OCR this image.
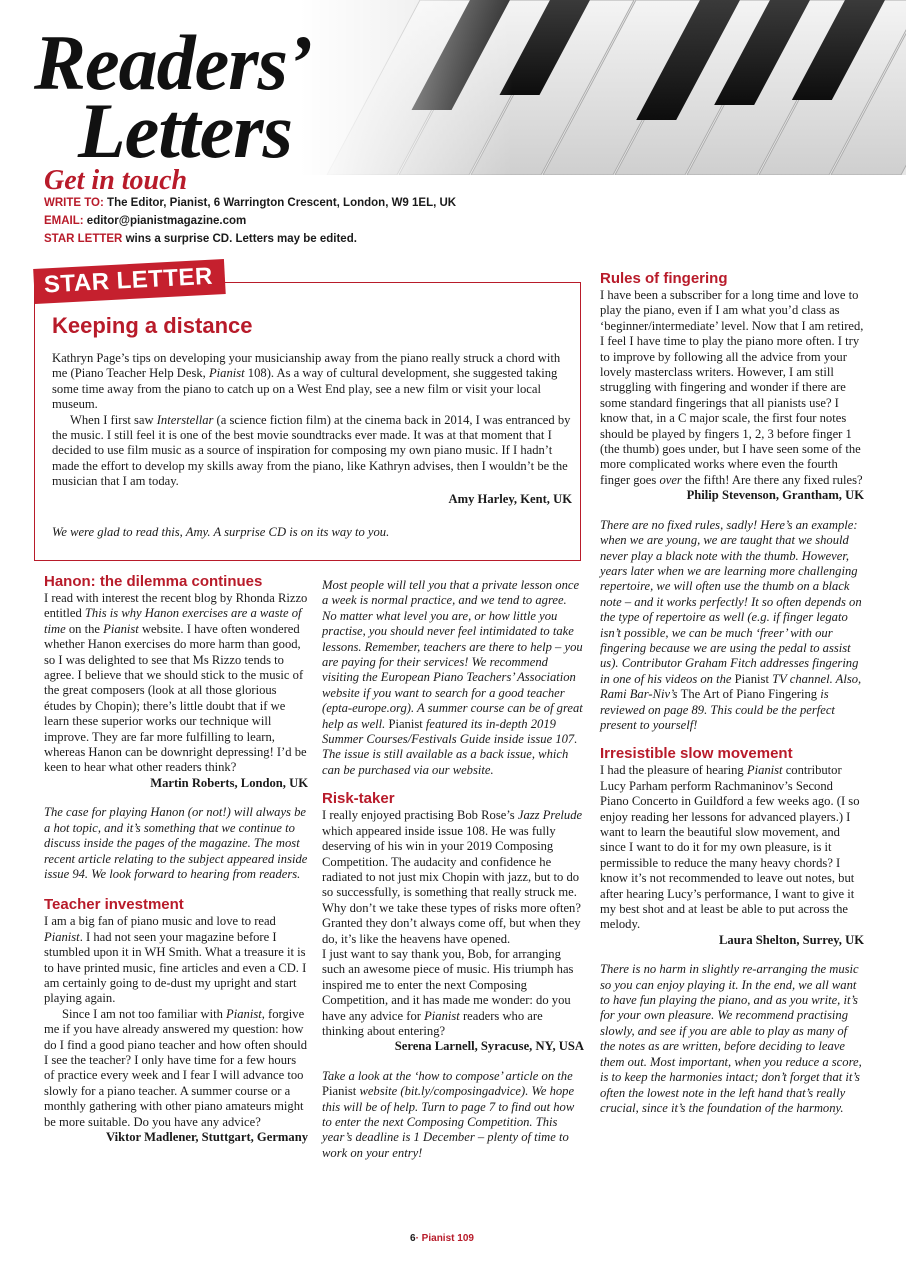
Readers’
Letters
Get in touch
WRITE TO: The Editor, Pianist, 6 Warrington Crescent, London, W9 1EL, UK
EMAIL: editor@pianistmagazine.com
STAR LETTER wins a surprise CD. Letters may be edited.
STAR LETTER
Keeping a distance
Kathryn Page’s tips on developing your musicianship away from the piano really struck a chord with me (Piano Teacher Help Desk, Pianist 108). As a way of cultural development, she suggested taking some time away from the piano to catch up on a West End play, see a new film or visit your local museum.
When I first saw Interstellar (a science fiction film) at the cinema back in 2014, I was entranced by the music. I still feel it is one of the best movie soundtracks ever made. It was at that moment that I decided to use film music as a source of inspiration for composing my own piano music. If I hadn’t made the effort to develop my skills away from the piano, like Kathryn advises, then I wouldn’t be the musician that I am today.
Amy Harley, Kent, UK
We were glad to read this, Amy. A surprise CD is on its way to you.
Hanon: the dilemma continues
I read with interest the recent blog by Rhonda Rizzo entitled This is why Hanon exercises are a waste of time on the Pianist website. I have often wondered whether Hanon exercises do more harm than good, so I was delighted to see that Ms Rizzo tends to agree. I believe that we should stick to the music of the great composers (look at all those glorious études by Chopin); there’s little doubt that if we learn these superior works our technique will improve. They are far more fulfilling to learn, whereas Hanon can be downright depressing! I’d be keen to hear what other readers think?
Martin Roberts, London, UK
The case for playing Hanon (or not!) will always be a hot topic, and it’s something that we continue to discuss inside the pages of the magazine. The most recent article relating to the subject appeared inside issue 94. We look forward to hearing from readers.
Teacher investment
I am a big fan of piano music and love to read Pianist. I had not seen your magazine before I stumbled upon it in WH Smith. What a treasure it is to have printed music, fine articles and even a CD. I am certainly going to de-dust my upright and start playing again.
Since I am not too familiar with Pianist, forgive me if you have already answered my question: how do I find a good piano teacher and how often should I see the teacher? I only have time for a few hours of practice every week and I fear I will advance too slowly for a piano teacher. A summer course or a monthly gathering with other piano amateurs might be more suitable. Do you have any advice?
Viktor Madlener, Stuttgart, Germany
Most people will tell you that a private lesson once a week is normal practice, and we tend to agree. No matter what level you are, or how little you practise, you should never feel intimidated to take lessons. Remember, teachers are there to help – you are paying for their services! We recommend visiting the European Piano Teachers’ Association website if you want to search for a good teacher (epta-europe.org). A summer course can be of great help as well. Pianist featured its in-depth 2019 Summer Courses/Festivals Guide inside issue 107. The issue is still available as a back issue, which can be purchased via our website.
Risk-taker
I really enjoyed practising Bob Rose’s Jazz Prelude which appeared inside issue 108. He was fully deserving of his win in your 2019 Composing Competition. The audacity and confidence he radiated to not just mix Chopin with jazz, but to do so successfully, is something that really struck me. Why don’t we take these types of risks more often? Granted they don’t always come off, but when they do, it’s like the heavens have opened.
I just want to say thank you, Bob, for arranging such an awesome piece of music. His triumph has inspired me to enter the next Composing Competition, and it has made me wonder: do you have any advice for Pianist readers who are thinking about entering?
Serena Larnell, Syracuse, NY, USA
Take a look at the ‘how to compose’ article on the Pianist website (bit.ly/composingadvice). We hope this will be of help. Turn to page 7 to find out how to enter the next Composing Competition. This year’s deadline is 1 December – plenty of time to work on your entry!
Rules of fingering
I have been a subscriber for a long time and love to play the piano, even if I am what you’d class as ‘beginner/intermediate’ level. Now that I am retired, I feel I have time to play the piano more often. I try to improve by following all the advice from your lovely masterclass writers. However, I am still struggling with fingering and wonder if there are some standard fingerings that all pianists use? I know that, in a C major scale, the first four notes should be played by fingers 1, 2, 3 before finger 1 (the thumb) goes under, but I have seen some of the more complicated works where even the fourth finger goes over the fifth! Are there any fixed rules?
Philip Stevenson, Grantham, UK
There are no fixed rules, sadly! Here’s an example: when we are young, we are taught that we should never play a black note with the thumb. However, years later when we are learning more challenging repertoire, we will often use the thumb on a black note – and it works perfectly! It so often depends on the type of repertoire as well (e.g. if finger legato isn’t possible, we can be much ‘freer’ with our fingering because we are using the pedal to assist us). Contributor Graham Fitch addresses fingering in one of his videos on the Pianist TV channel. Also, Rami Bar-Niv’s The Art of Piano Fingering is reviewed on page 89. This could be the perfect present to yourself!
Irresistible slow movement
I had the pleasure of hearing Pianist contributor Lucy Parham perform Rachmaninov’s Second Piano Concerto in Guildford a few weeks ago. (I so enjoy reading her lessons for advanced players.) I want to learn the beautiful slow movement, and since I want to do it for my own pleasure, is it permissible to reduce the many heavy chords? I know it’s not recommended to leave out notes, but after hearing Lucy’s performance, I want to give it my best shot and at least be able to put across the melody.
Laura Shelton, Surrey, UK
There is no harm in slightly re-arranging the music so you can enjoy playing it. In the end, we all want to have fun playing the piano, and as you write, it’s for your own pleasure. We recommend practising slowly, and see if you are able to play as many of the notes as are written, before deciding to leave them out. Most important, when you reduce a score, is to keep the harmonies intact; don’t forget that it’s often the lowest note in the left hand that’s really crucial, since it’s the foundation of the harmony.
6· Pianist 109
